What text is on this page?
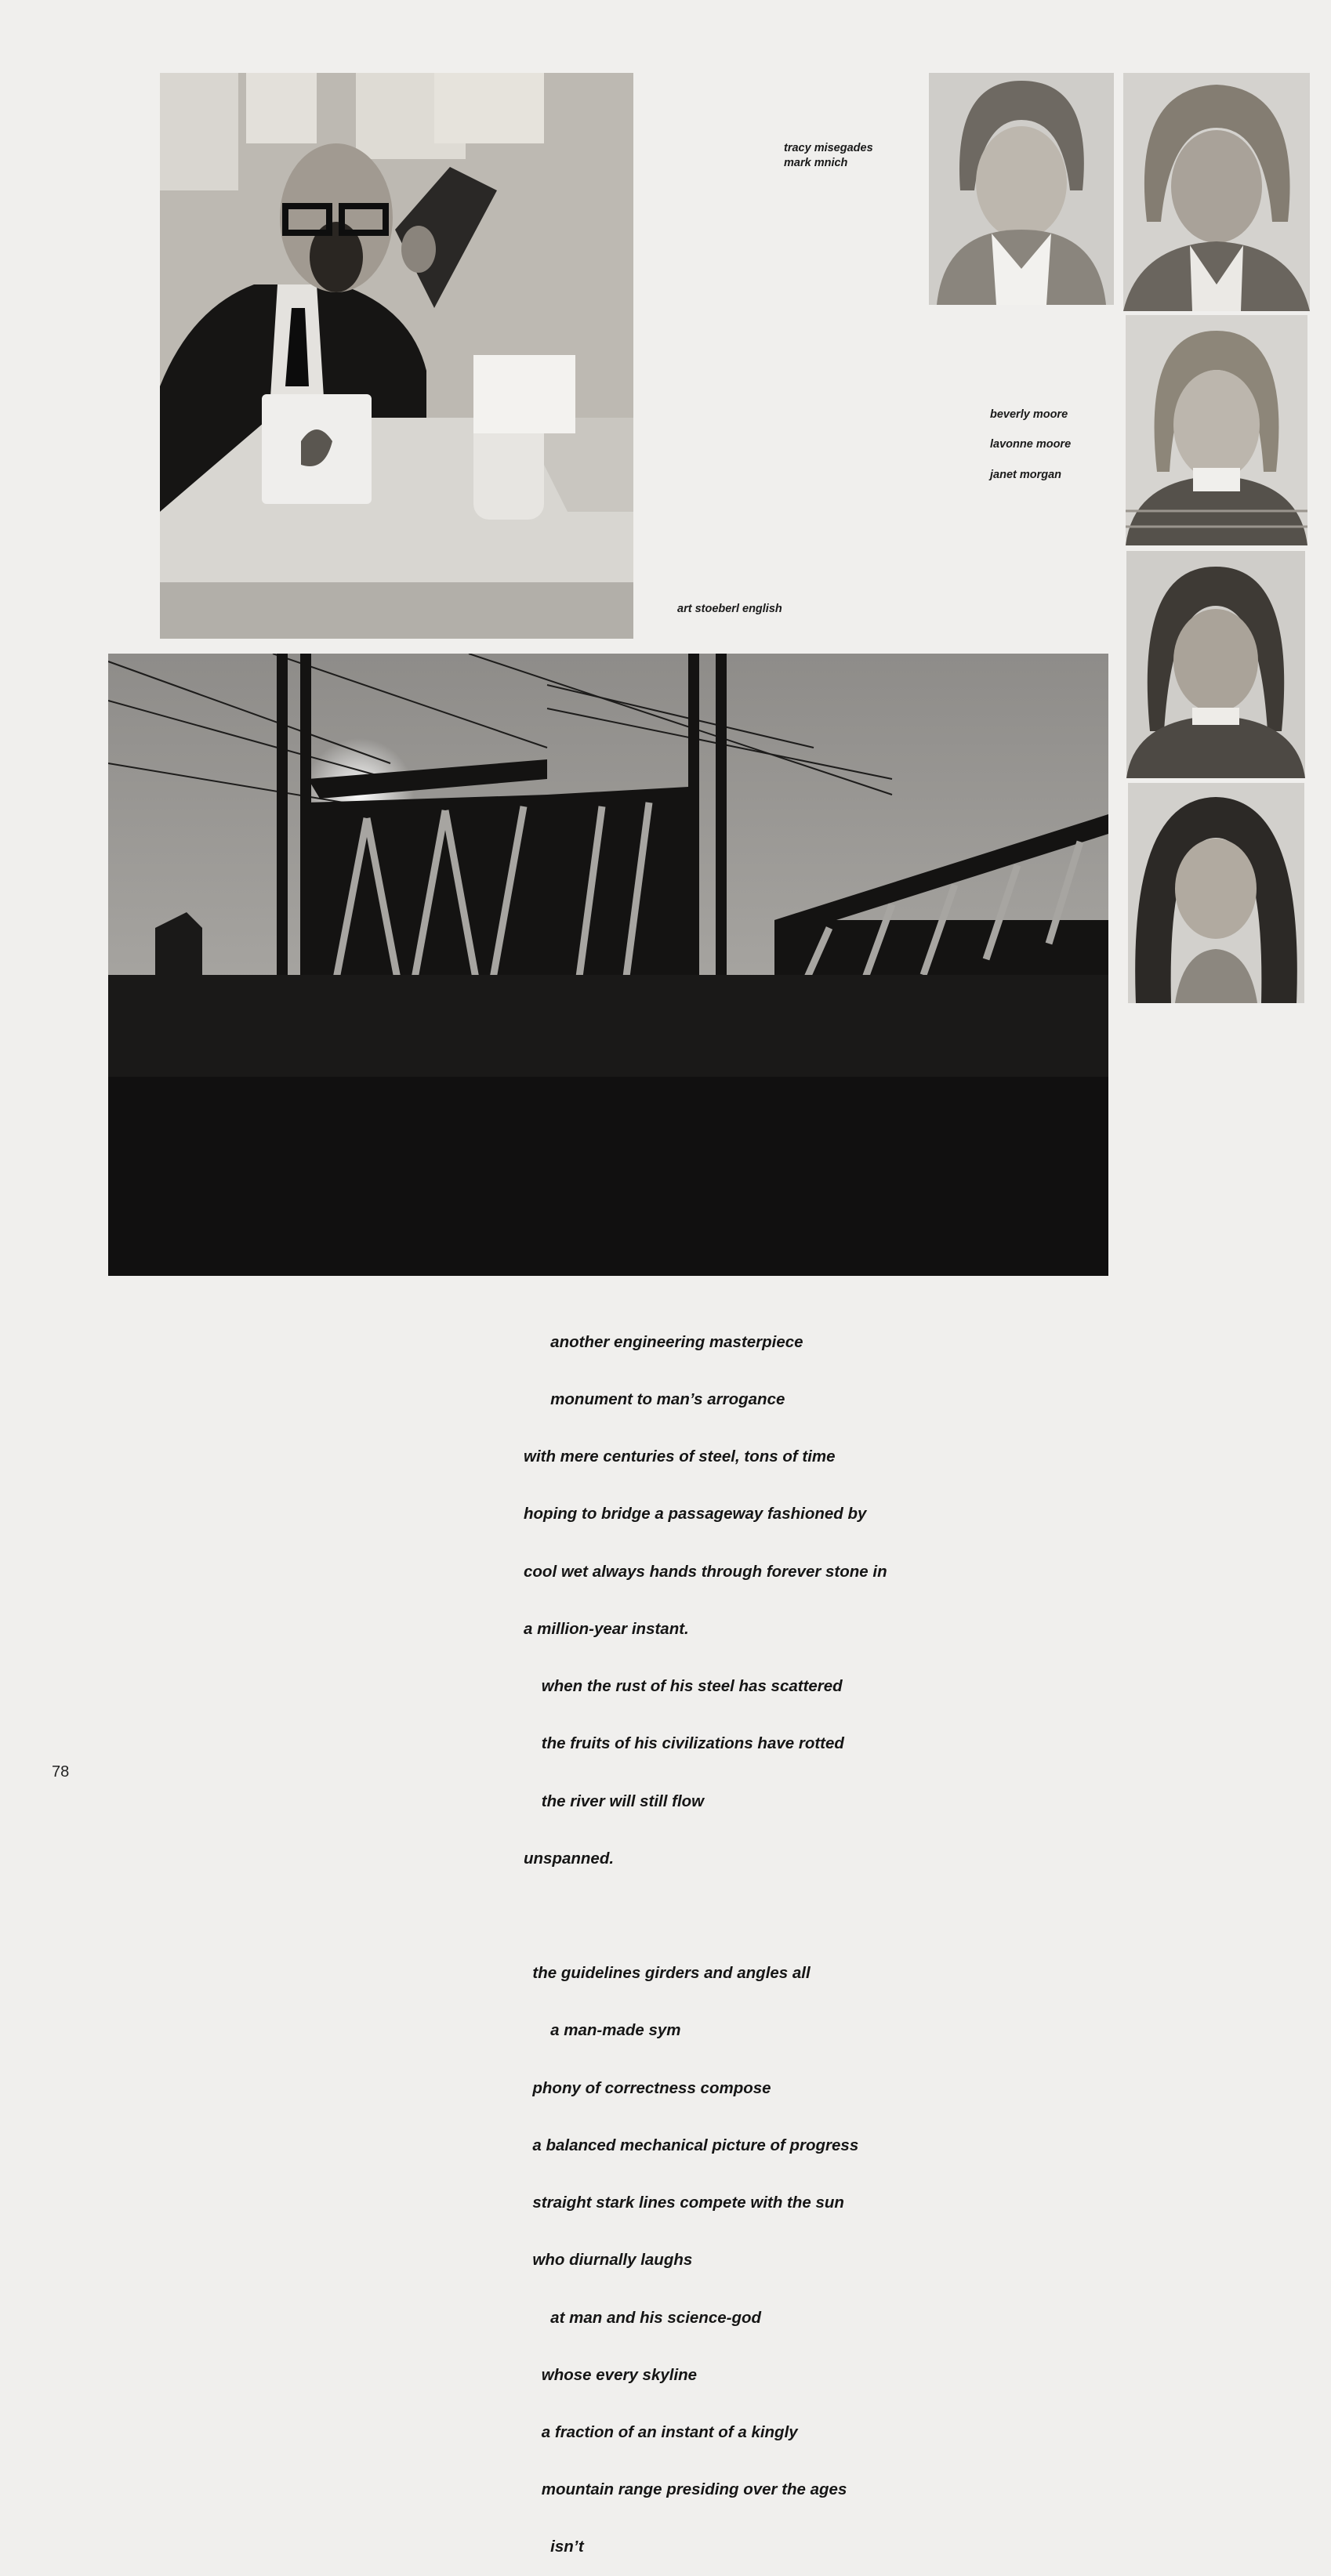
art stoeberl english
tracy misegades
mark mnich
beverly moore
lavonne moore
janet morgan

another engineering masterpiece

monument to man’s arrogance

with mere centuries of steel, tons of time

hoping to bridge a passageway fashioned by

cool wet always hands through forever stone in

a million-year instant.

when the rust of his steel has scattered

the fruits of his civilizations have rotted

the river will still flow

unspanned.

the guidelines girders and angles all

a man-made sym

phony of correctness compose

a balanced mechanical picture of progress

straight stark lines compete with the sun

who diurnally laughs

at man and his science-god

whose every skyline

a fraction of an instant of a kingly

mountain range presiding over the ages

isn’t

78
